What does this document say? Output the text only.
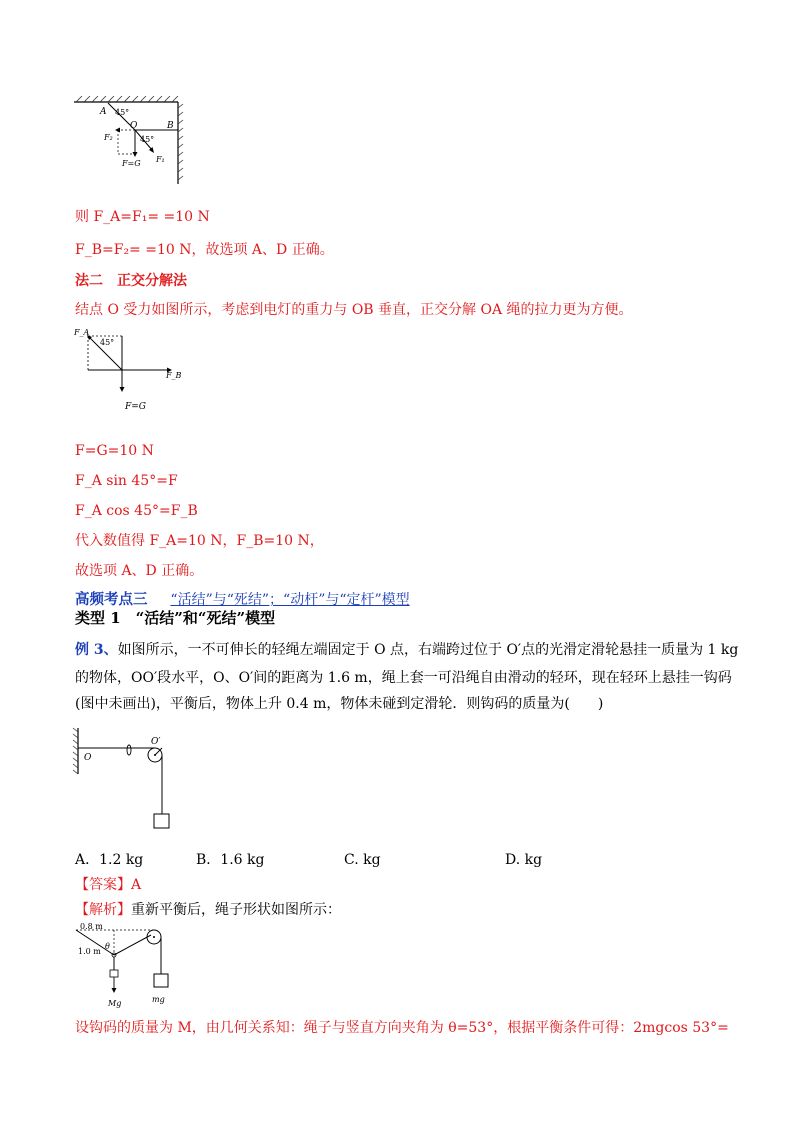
A 45°
O	B
F₂	45°
F=G F₁
则 F_A=F₁= =10 N
F_B=F₂= =10 N，故选项 A、D 正确。
法二　正交分解法
结点 O 受力如图所示，考虑到电灯的重力与 OB 垂直，正交分解 OA 绳的拉力更为方便。
F_A
45°
F_B
F=G
F=G=10 N
F_A sin 45°=F
F_A cos 45°=F_B
代入数值得 F_A=10 N，F_B=10 N，
故选项 A、D 正确。
高频考点三 “活结”与“死结”；“动杆”与“定杆”模型
类型 1　“活结”和“死结”模型
例 3、如图所示，一不可伸长的轻绳左端固定于 O 点，右端跨过位于 O′点的光滑定滑轮悬挂一质量为 1 kg
的物体，OO′段水平，O、O′间的距离为 1.6 m，绳上套一可沿绳自由滑动的轻环，现在轻环上悬挂一钩码
(图中未画出)，平衡后，物体上升 0.4 m，物体未碰到定滑轮．则钩码的质量为(　　)
O
O′
A．1.2 kg	B．1.6 kg	C. kg	D. kg
【答案】A
【解析】重新平衡后，绳子形状如图所示：
0.8 m
1.0 m
θ
Mg	mg
设钩码的质量为 M，由几何关系知：绳子与竖直方向夹角为 θ=53°，根据平衡条件可得：2mgcos 53°=
